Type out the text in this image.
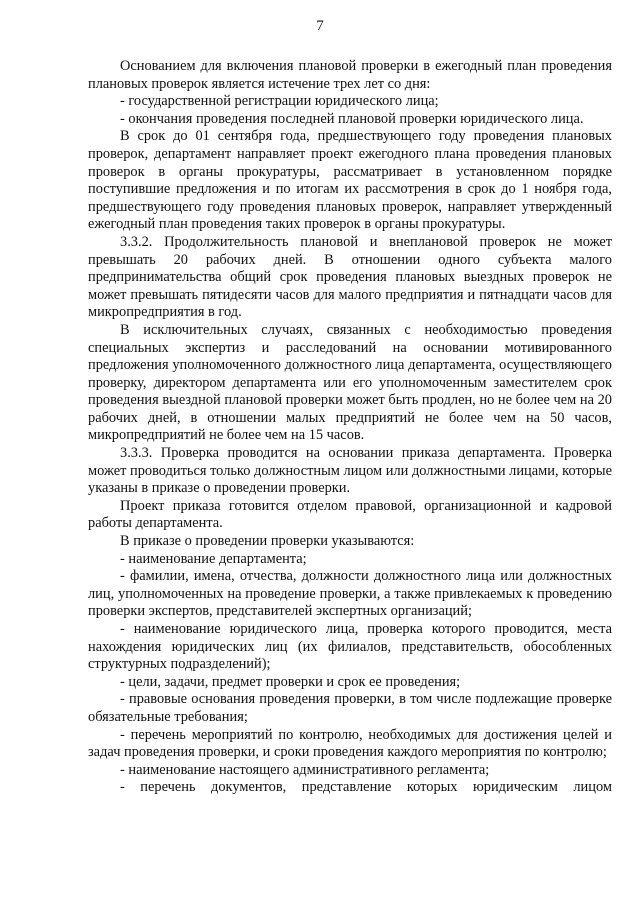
7

Основанием для включения плановой проверки в ежегодный план проведения плановых проверок является истечение трех лет со дня:

- государственной регистрации юридического лица;

- окончания проведения последней плановой проверки юридического лица.

В срок до 01 сентября года, предшествующего году проведения плановых проверок, департамент направляет проект ежегодного плана проведения плановых проверок в органы прокуратуры, рассматривает в установленном порядке поступившие предложения и по итогам их рассмотрения в срок до 1 ноября года, предшествующего году проведения плановых проверок, направляет утвержденный ежегодный план проведения таких проверок в органы прокуратуры.

3.3.2. Продолжительность плановой и внеплановой проверок не может превышать 20 рабочих дней. В отношении одного субъекта малого предпринимательства общий срок проведения плановых выездных проверок не может превышать пятидесяти часов для малого предприятия и пятнадцати часов для микропредприятия в год.

В исключительных случаях, связанных с необходимостью проведения специальных экспертиз и расследований на основании мотивированного предложения уполномоченного должностного лица департамента, осуществляющего проверку, директором департамента или его уполномоченным заместителем срок проведения выездной плановой проверки может быть продлен, но не более чем на 20 рабочих дней, в отношении малых предприятий не более чем на 50 часов, микропредприятий не более чем на 15 часов.

3.3.3. Проверка проводится на основании приказа департамента. Проверка может проводиться только должностным лицом или должностными лицами, которые указаны в приказе о проведении проверки.

Проект приказа готовится отделом правовой, организационной и кадровой работы департамента.

В приказе о проведении проверки указываются:

- наименование департамента;

- фамилии, имена, отчества, должности должностного лица или должностных лиц, уполномоченных на проведение проверки, а также привлекаемых к проведению проверки экспертов, представителей экспертных организаций;

- наименование юридического лица, проверка которого проводится, места нахождения юридических лиц (их филиалов, представительств, обособленных структурных подразделений);

- цели, задачи, предмет проверки и срок ее проведения;

- правовые основания проведения проверки, в том числе подлежащие проверке обязательные требования;

- перечень мероприятий по контролю, необходимых для достижения целей и задач проведения проверки, и сроки проведения каждого мероприятия по контролю;

- наименование настоящего административного регламента;

- перечень документов, представление которых юридическим лицом
